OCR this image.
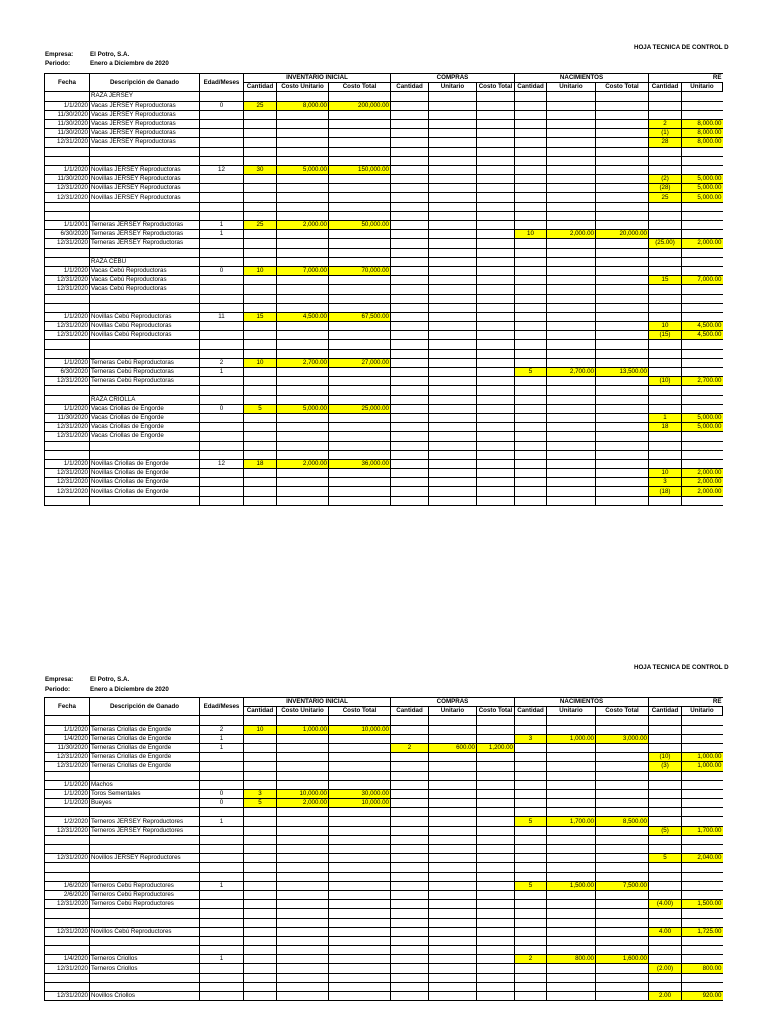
HOJA TECNICA DE CONTROL D
Empresa:	El Potro, S.A.
Periodo:	Enero a Diciembre de 2020
Fecha	Descripción de Ganado	Edad/Meses	INVENTARIO INICIAL			COMPRAS			NACIMIENTOS			RE	
			Cantidad	Costo Unitario	Costo Total	Cantidad	Unitario	Costo Total	Cantidad	Unitario	Costo Total	Cantidad	Unitario
	RAZA JERSEY												
1/1/2020	Vacas JERSEY Reproductoras	0	25	8,000.00	200,000.00								
11/30/2020	Vacas JERSEY Reproductoras												
11/30/2020	Vacas JERSEY Reproductoras											2	8,000.00
11/30/2020	Vacas JERSEY Reproductoras											(1)	8,000.00
12/31/2020	Vacas JERSEY Reproductoras											28	8,000.00

1/1/2020	Novillas JERSEY Reproductoras	12	30	5,000.00	150,000.00								
11/30/2020	Novillas JERSEY Reproductoras											(2)	5,000.00
12/31/2020	Novillas JERSEY Reproductoras											(28)	5,000.00
12/31/2020	Novillas JERSEY Reproductoras											25	5,000.00

1/1/2001	Terneras JERSEY Reproductoras	1	25	2,000.00	50,000.00								
6/30/2020	Terneras JERSEY Reproductoras	1							10	2,000.00	20,000.00		
12/31/2020	Terneras JERSEY Reproductoras											(25.00)	2,000.00

	RAZA CEBU												
1/1/2020	Vacas Cebú Reproductoras	0	10	7,000.00	70,000.00								
12/31/2020	Vacas Cebú Reproductoras											15	7,000.00
12/31/2020	Vacas Cebú Reproductoras												

1/1/2020	Novillas Cebú Reproductoras	11	15	4,500.00	67,500.00								
12/31/2020	Novillas Cebú Reproductoras											10	4,500.00
12/31/2020	Novillas Cebú Reproductoras											(15)	4,500.00

1/1/2020	Terneras Cebú Reproductoras	2	10	2,700.00	27,000.00								
6/30/2020	Terneras Cebú Reproductoras	1							5	2,700.00	13,500.00		
12/31/2020	Terneras Cebú Reproductoras											(10)	2,700.00

	RAZA CRIOLLA												
1/1/2020	Vacas Criollas de Engorde	0	5	5,000.00	25,000.00								
11/30/2020	Vacas Criollas de Engorde											1	5,000.00
12/31/2020	Vacas Criollas de Engorde											18	5,000.00
12/31/2020	Vacas Criollas de Engorde												

1/1/2020	Novillas Criollas de Engorde	12	18	2,000.00	36,000.00								
12/31/2020	Novillas Criollas de Engorde											10	2,000.00
12/31/2020	Novillas Criollas de Engorde											3	2,000.00
12/31/2020	Novillas Criollas de Engorde											(18)	2,000.00

HOJA TECNICA DE CONTROL D
Empresa:	El Potro, S.A.
Periodo:	Enero a Diciembre de 2020
Fecha	Descripción de Ganado	Edad/Meses	INVENTARIO INICIAL			COMPRAS			NACIMIENTOS			RE	
			Cantidad	Costo Unitario	Costo Total	Cantidad	Unitario	Costo Total	Cantidad	Unitario	Costo Total	Cantidad	Unitario

1/1/2020	Terneras Criollas de Engorde	2	10	1,000.00	10,000.00								
1/4/2020	Terneras Criollas de Engorde	1							3	1,000.00	3,000.00		
11/30/2020	Terneras Criollas de Engorde	1				2	600.00	1,200.00					
12/31/2020	Terneras Criollas de Engorde											(10)	1,000.00
12/31/2020	Terneras Criollas de Engorde											(3)	1,000.00

1/1/2020	Machos												
1/1/2020	Toros Sementales	0	3	10,000.00	30,000.00								
1/1/2020	Bueyes	0	5	2,000.00	10,000.00								

1/2/2020	Terneros JERSEY Reproductores	1							5	1,700.00	8,500.00		
12/31/2020	Terneros JERSEY Reproductores											(5)	1,700.00

12/31/2020	Novillos JERSEY Reproductores											5	2,040.00

1/6/2020	Terneros Cebú Reproductores	1							5	1,500.00	7,500.00		
2/6/2020	Terneros Cebú Reproductores												
12/31/2020	Terneros Cebú Reproductores											(4.00)	1,500.00

12/31/2020	Novillos Cebú Reproductores											4.00	1,725.00

1/4/2020	Terneros Criollos	1							2	800.00	1,600.00		
12/31/2020	Terneros Criollos											(2.00)	800.00

12/31/2020	Novillos Criollos											2.00	920.00
